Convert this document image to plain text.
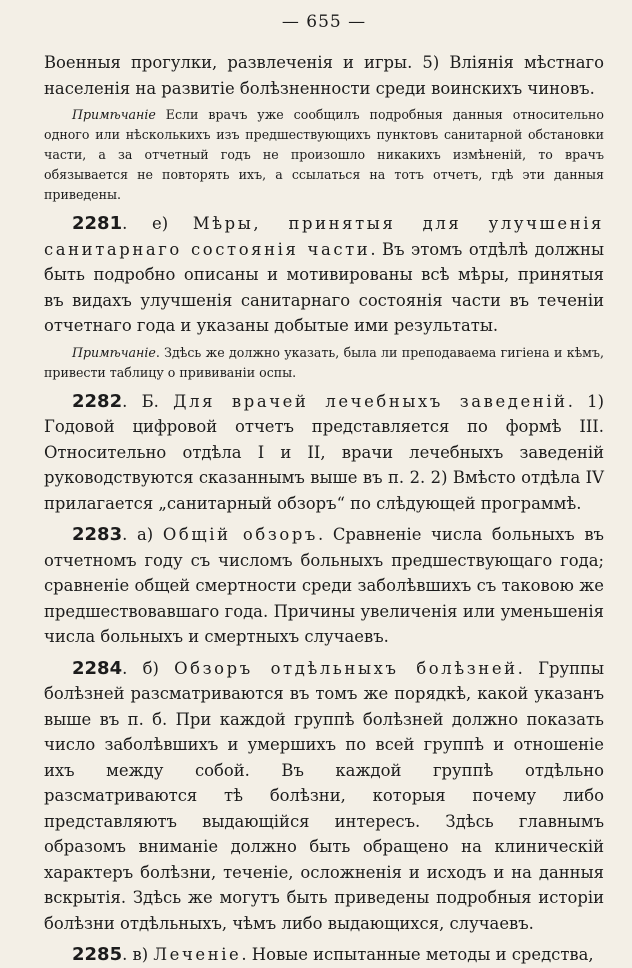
— 655 —

Военныя прогулки, развлеченія и игры. 5) Вліянія мѣстнаго населенія на развитіе болѣзненности среди воинскихъ чиновъ.

Примѣчаніе Если врачъ уже сообщилъ подробныя данныя относительно одного или нѣсколькихъ изъ предшествующихъ пунктовъ санитарной обстановки части, а за отчетный годъ не произошло никакихъ измѣненій, то врачъ обязывается не повторять ихъ, а ссылаться на тотъ отчетъ, гдѣ эти данныя приведены.

2281. е) Мѣры, принятыя для улучшенія санитарнаго состоянія части. Въ этомъ отдѣлѣ должны быть подробно описаны и мотивированы всѣ мѣры, принятыя въ видахъ улучшенія санитарнаго состоянія части въ теченіи отчетнаго года и указаны добытые ими результаты.

Примѣчаніе. Здѣсь же должно указать, была ли преподаваема гигіена и кѣмъ, привести таблицу о прививаніи оспы.

2282. Б. Для врачей лечебныхъ заведеній. 1) Годовой цифровой отчетъ представляется по формѣ III. Относительно отдѣла I и II, врачи лечебныхъ заведеній руководствуются сказаннымъ выше въ п. 2. 2) Вмѣсто отдѣла IV прилагается „санитарный обзоръ“ по слѣдующей программѣ.

2283. а) Общій обзоръ. Сравненіе числа больныхъ въ отчетномъ году съ числомъ больныхъ предшествующаго года; сравненіе общей смертности среди заболѣвшихъ съ таковою же предшествовавшаго года. Причины увеличенія или уменьшенія числа больныхъ и смертныхъ случаевъ.

2284. б) Обзоръ отдѣльныхъ болѣзней. Группы болѣзней разсматриваются въ томъ же порядкѣ, какой указанъ выше въ п. б. При каждой группѣ болѣзней должно показать число заболѣвшихъ и умершихъ по всей группѣ и отношеніе ихъ между собой. Въ каждой группѣ отдѣльно разсматриваются тѣ болѣзни, которыя почему либо представляютъ выдающійся интересъ. Здѣсь главнымъ образомъ вниманіе должно быть обращено на клиническій характеръ болѣзни, теченіе, осложненія и исходъ и на данныя вскрытія. Здѣсь же могутъ быть приведены подробныя исторіи болѣзни отдѣльныхъ, чѣмъ либо выдающихся, случаевъ.

2285. в) Леченіе. Новые испытанные методы и средства,
